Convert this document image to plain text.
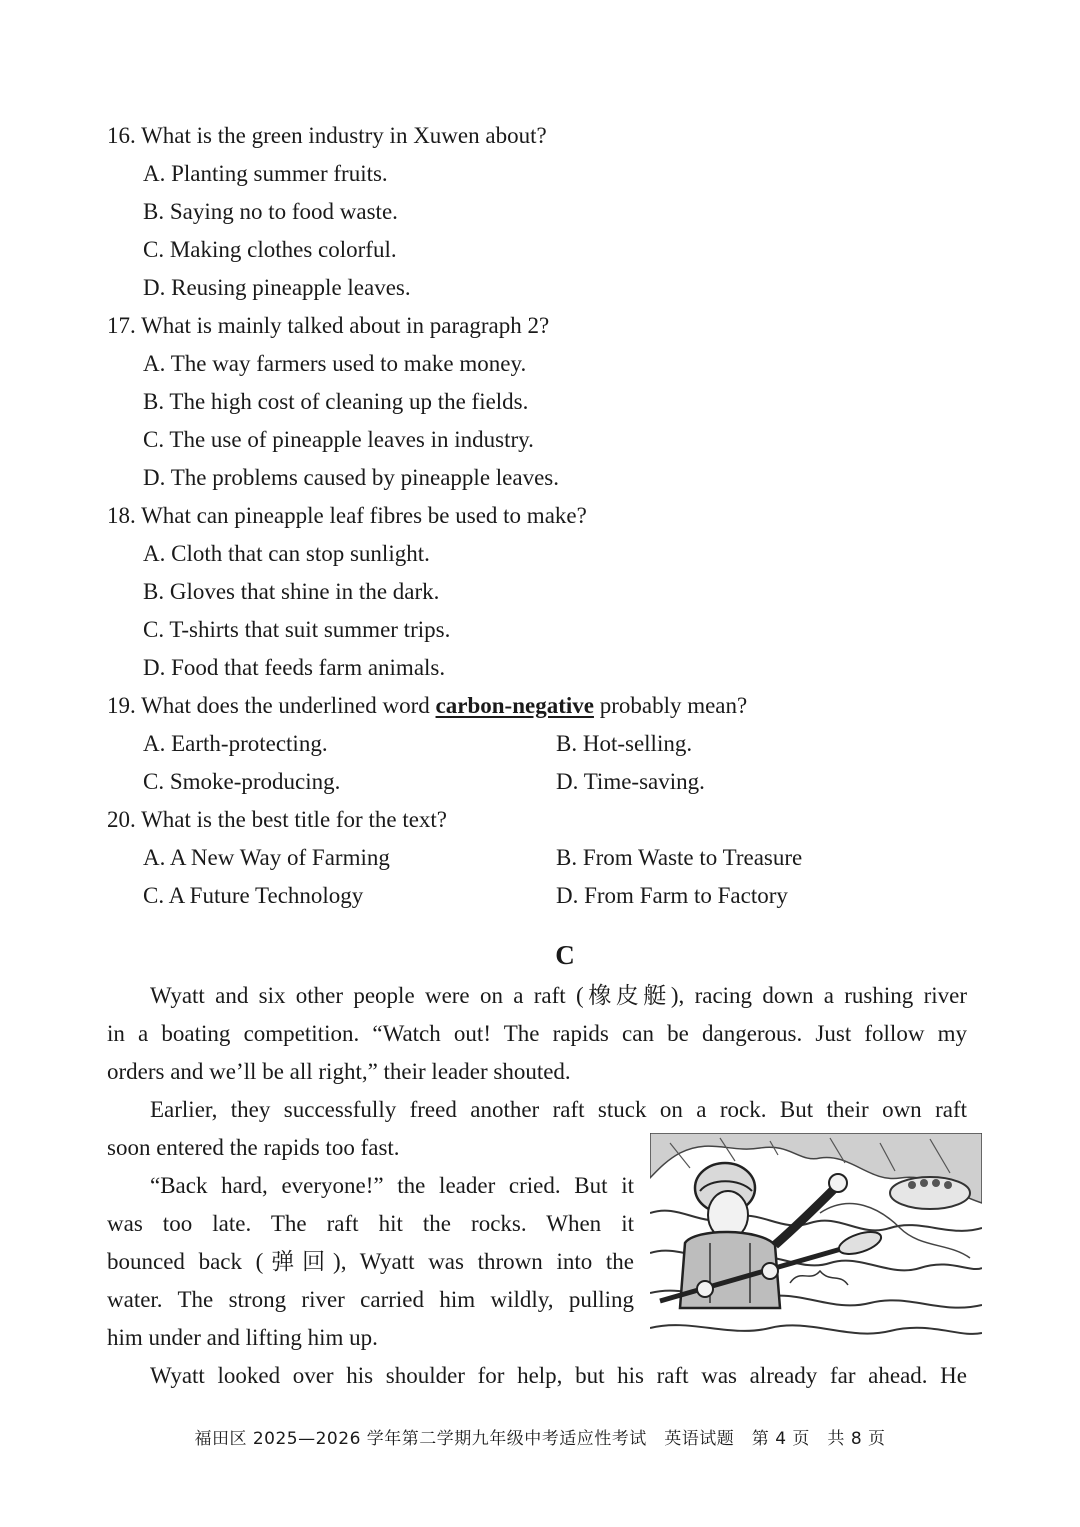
16. What is the green industry in Xuwen about?
A. Planting summer fruits.
B. Saying no to food waste.
C. Making clothes colorful.
D. Reusing pineapple leaves.
17. What is mainly talked about in paragraph 2?
A. The way farmers used to make money.
B. The high cost of cleaning up the fields.
C. The use of pineapple leaves in industry.
D. The problems caused by pineapple leaves.
18. What can pineapple leaf fibres be used to make?
A. Cloth that can stop sunlight.
B. Gloves that shine in the dark.
C. T-shirts that suit summer trips.
D. Food that feeds farm animals.
19. What does the underlined word carbon-negative probably mean?
A. Earth-protecting.	B. Hot-selling.
C. Smoke-producing.	D. Time-saving.
20. What is the best title for the text?
A. A New Way of Farming	B. From Waste to Treasure
C. A Future Technology	D. From Farm to Factory
C
Wyatt and six other people were on a raft (橡皮艇), racing down a rushing river
in a boating competition. “Watch out! The rapids can be dangerous. Just follow my
orders and we’ll be all right,” their leader shouted.
Earlier, they successfully freed another raft stuck on a rock. But their own raft
soon entered the rapids too fast.
“Back hard, everyone!” the leader cried. But it
was too late. The raft hit the rocks. When it
bounced back (弹回), Wyatt was thrown into the
water. The strong river carried him wildly, pulling
him under and lifting him up.
Wyatt looked over his shoulder for help, but his raft was already far ahead. He
福田区 2025—2026 学年第二学期九年级中考适应性考试　英语试题　第 4 页　共 8 页
